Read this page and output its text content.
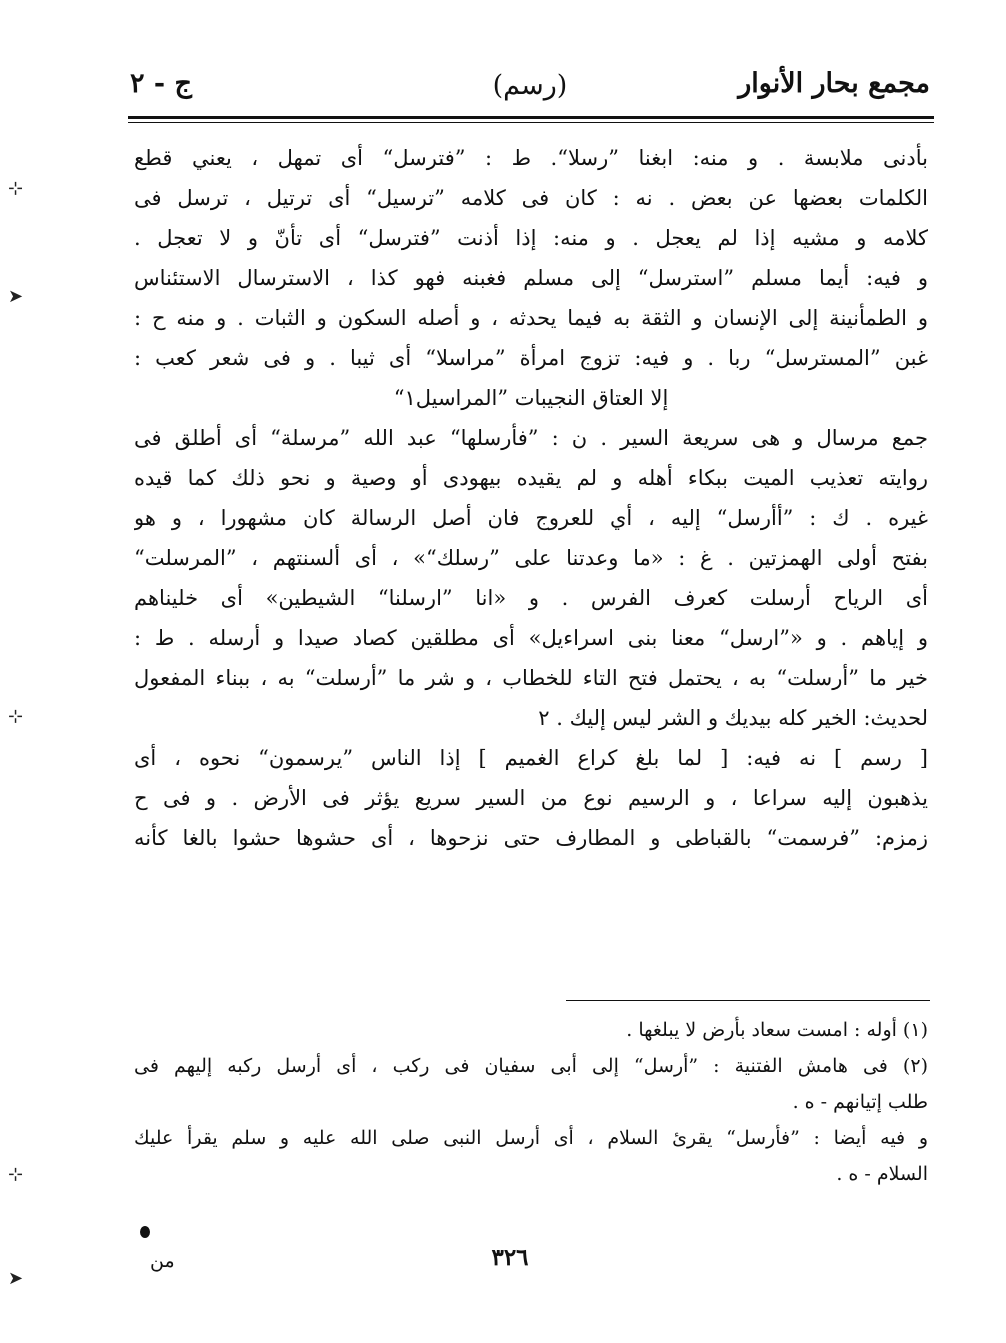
مجمع بحار الأنوار
(رسم)
ج - ٢
بأدنى ملابسة . و منه: ابغنا ”رسلا“. ط : ”فترسل“ أى تمهل ، يعني قطع
الكلمات بعضها عن بعض . نه : كان فى كلامه ”ترسيل“ أى ترتيل ، ترسل فى
كلامه و مشيه إذا لم يعجل . و منه: إذا أذنت ”فترسل“ أى تأنّ و لا تعجل .
و فيه: أيما مسلم ”استرسل“ إلى مسلم فغبنه فهو كذا ، الاسترسال الاستئناس
و الطمأنينة إلى الإنسان و الثقة به فيما يحدثه ، و أصله السكون و الثبات . و منه ح :
غبن ”المسترسل“ ربا . و فيه: تزوج امرأة ”مراسلا“ أى ثيبا . و فى شعر كعب :
إلا العتاق النجيبات ”المراسيل١“
جمع مرسال و هى سريعة السير . ن : ”فأرسلها“ عبد الله ”مرسلة“ أى أطلق فى
روايته تعذيب الميت ببكاء أهله و لم يقيده بيهودى أو وصية و نحو ذلك كما قيده
غيره . ك : ”أأرسل“ إليه ، أي للعروج فان أصل الرسالة كان مشهورا ، و هو
بفتح أولى الهمزتين . غ : «ما وعدتنا على ”رسلك“» ، أى ألسنتهم ، ”المرسلت“
أى الرياح أرسلت كعرف الفرس . و «انا ”ارسلنا“ الشيطين» أى خليناهم
و إياهم . و «”ارسل“ معنا بنى اسراءيل» أى مطلقين كصاد صيدا و أرسله . ط :
خير ما ”أرسلت“ به ، يحتمل فتح التاء للخطاب ، و شر ما ”أرسلت“ به ، ببناء المفعول
لحديث: الخير كله بيديك و الشر ليس إليك . ٢
[ رسم ] نه فيه: [ لما بلغ كراع الغميم ] إذا الناس ”يرسمون“ نحوه ، أى
يذهبون إليه سراعا ، و الرسيم نوع من السير سريع يؤثر فى الأرض . و فى ح
زمزم: ”فرسمت“ بالقباطى و المطارف حتى نزحوها ، أى حشوها حشوا بالغا كأنه
(١) أوله : امست سعاد بأرض لا يبلغها .
(٢) فى هامش الفتنية : ”أرسل“ إلى أبى سفيان فى ركب ، أى أرسل ركبه إليهم فى
طلب إتيانهم - ه .
و فيه أيضا : ”فأرسل“ يقرئ السلام ، أى أرسل النبى صلى الله عليه و سلم يقرأ عليك
السلام - ه .
٣٢٦
من
⊹
➤
⊹
⊹
➤
